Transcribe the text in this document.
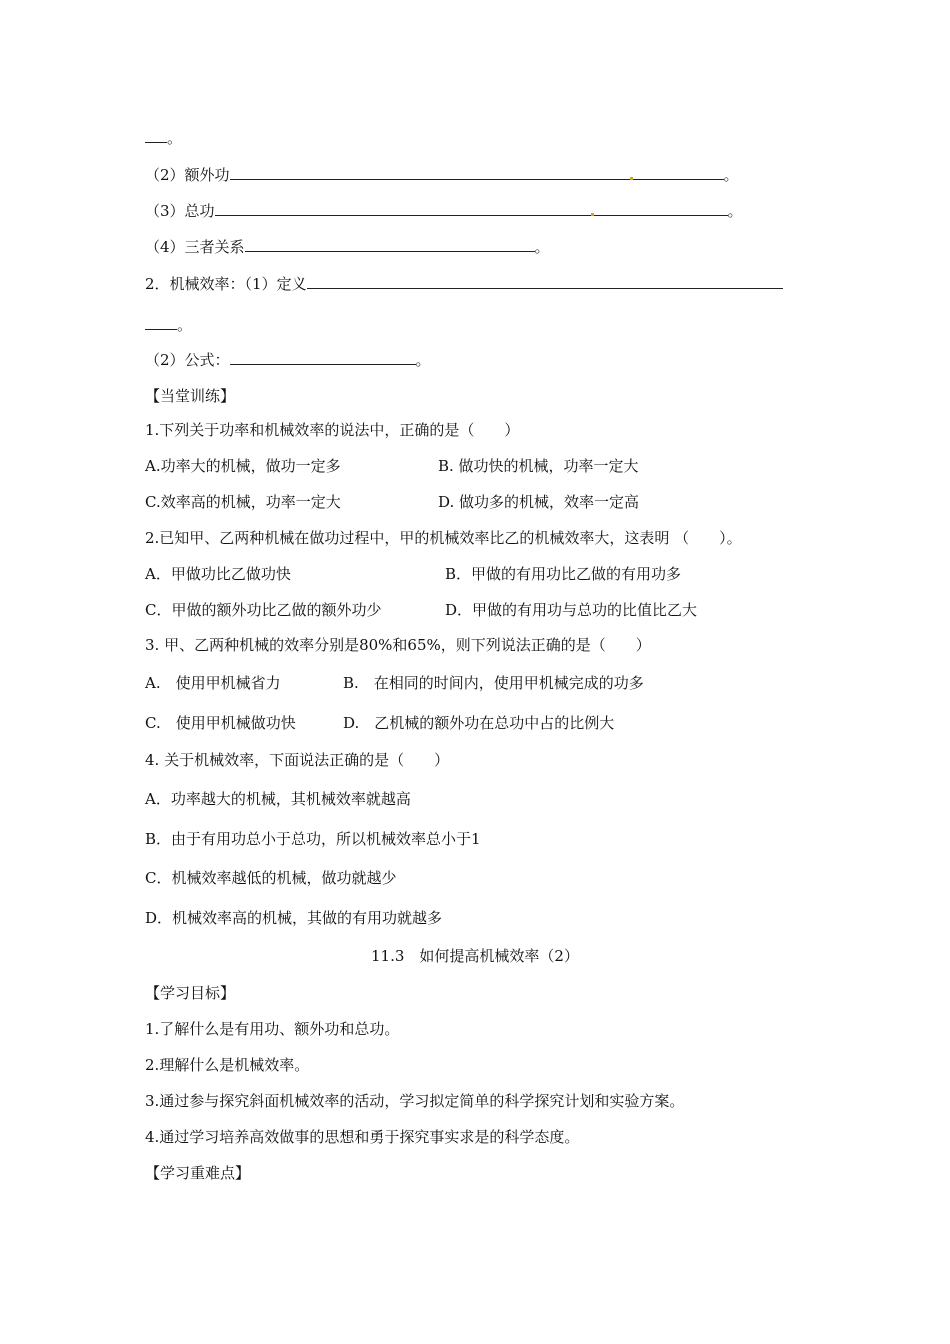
。
（2）额外功	。
（3）总功	。
（4）三者关系	。
2．机械效率：（1）定义
。
（2）公式：	。
【当堂训练】
1.下列关于功率和机械效率的说法中，正确的是（　　）
A.功率大的机械，做功一定多	B. 做功快的机械，功率一定大
C.效率高的机械，功率一定大	D. 做功多的机械，效率一定高
2.已知甲、乙两种机械在做功过程中，甲的机械效率比乙的机械效率大，这表明 （　　）。
A．甲做功比乙做功快	B．甲做的有用功比乙做的有用功多
C．甲做的额外功比乙做的额外功少	D．甲做的有用功与总功的比值比乙大
3. 甲、乙两种机械的效率分别是80%和65%，则下列说法正确的是（　　）
A.　使用甲机械省力	B.　在相同的时间内，使用甲机械完成的功多
C.　使用甲机械做功快	D.　乙机械的额外功在总功中占的比例大
4. 关于机械效率，下面说法正确的是（　　）
A．功率越大的机械，其机械效率就越高
B．由于有用功总小于总功，所以机械效率总小于1
C．机械效率越低的机械，做功就越少
D．机械效率高的机械，其做的有用功就越多
11.3　如何提高机械效率（2）
【学习目标】
1.了解什么是有用功、额外功和总功。
2.理解什么是机械效率。
3.通过参与探究斜面机械效率的活动，学习拟定简单的科学探究计划和实验方案。
4.通过学习培养高效做事的思想和勇于探究事实求是的科学态度。
【学习重难点】
